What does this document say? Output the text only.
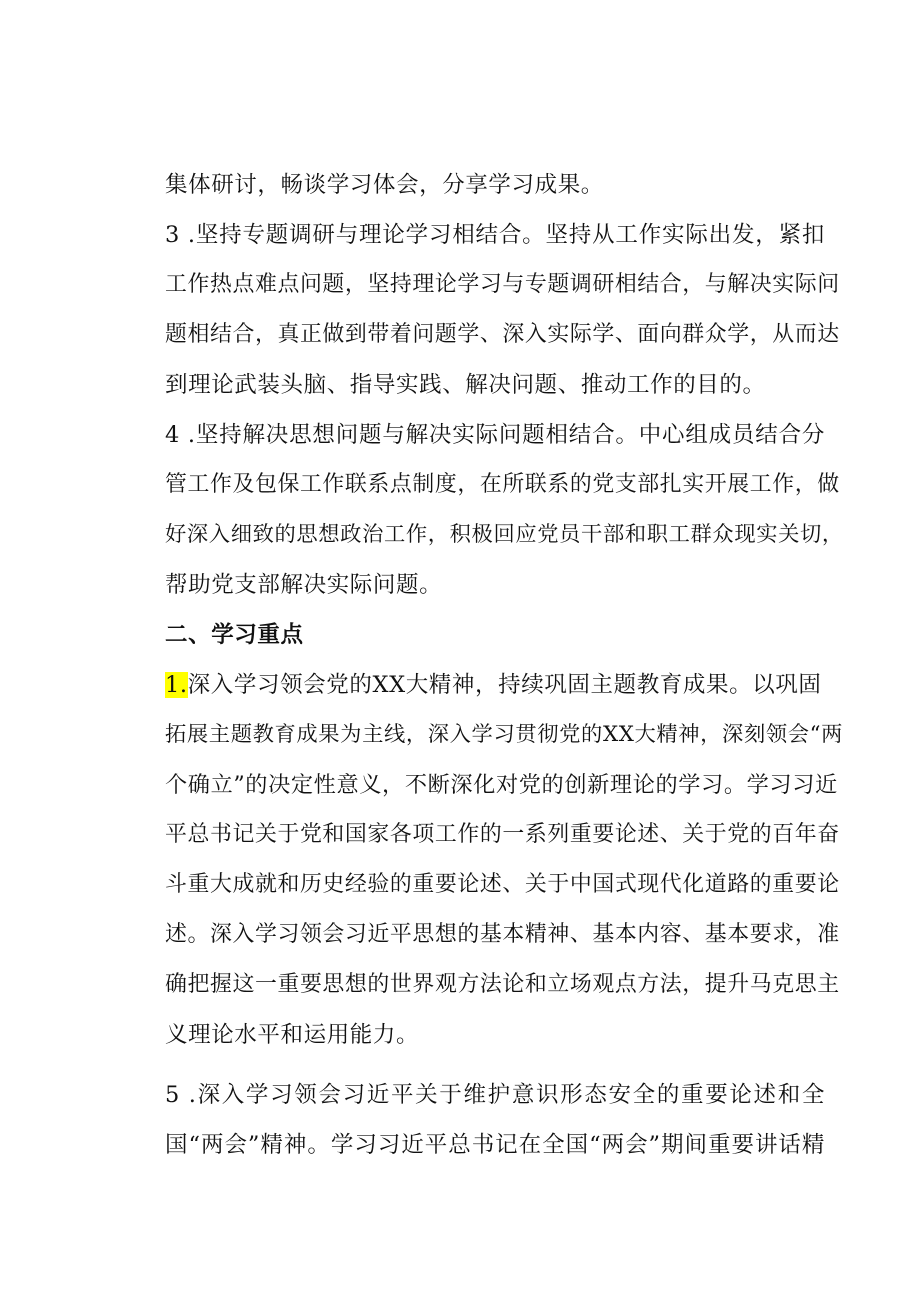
集体研讨，畅谈学习体会，分享学习成果。
3 .坚持专题调研与理论学习相结合。坚持从工作实际出发，紧扣
工作热点难点问题，坚持理论学习与专题调研相结合，与解决实际问
题相结合，真正做到带着问题学、深入实际学、面向群众学，从而达
到理论武装头脑、指导实践、解决问题、推动工作的目的。
4 .坚持解决思想问题与解决实际问题相结合。中心组成员结合分
管工作及包保工作联系点制度，在所联系的党支部扎实开展工作，做
好深入细致的思想政治工作，积极回应党员干部和职工群众现实关切，
帮助党支部解决实际问题。
二、学习重点
1.深入学习领会党的XX大精神，持续巩固主题教育成果。以巩固
拓展主题教育成果为主线，深入学习贯彻党的XX大精神，深刻领会“两
个确立”的决定性意义，不断深化对党的创新理论的学习。学习习近
平总书记关于党和国家各项工作的一系列重要论述、关于党的百年奋
斗重大成就和历史经验的重要论述、关于中国式现代化道路的重要论
述。深入学习领会习近平思想的基本精神、基本内容、基本要求，准
确把握这一重要思想的世界观方法论和立场观点方法，提升马克思主
义理论水平和运用能力。
5 .深入学习领会习近平关于维护意识形态安全的重要论述和全
国“两会”精神。学习习近平总书记在全国“两会”期间重要讲话精
